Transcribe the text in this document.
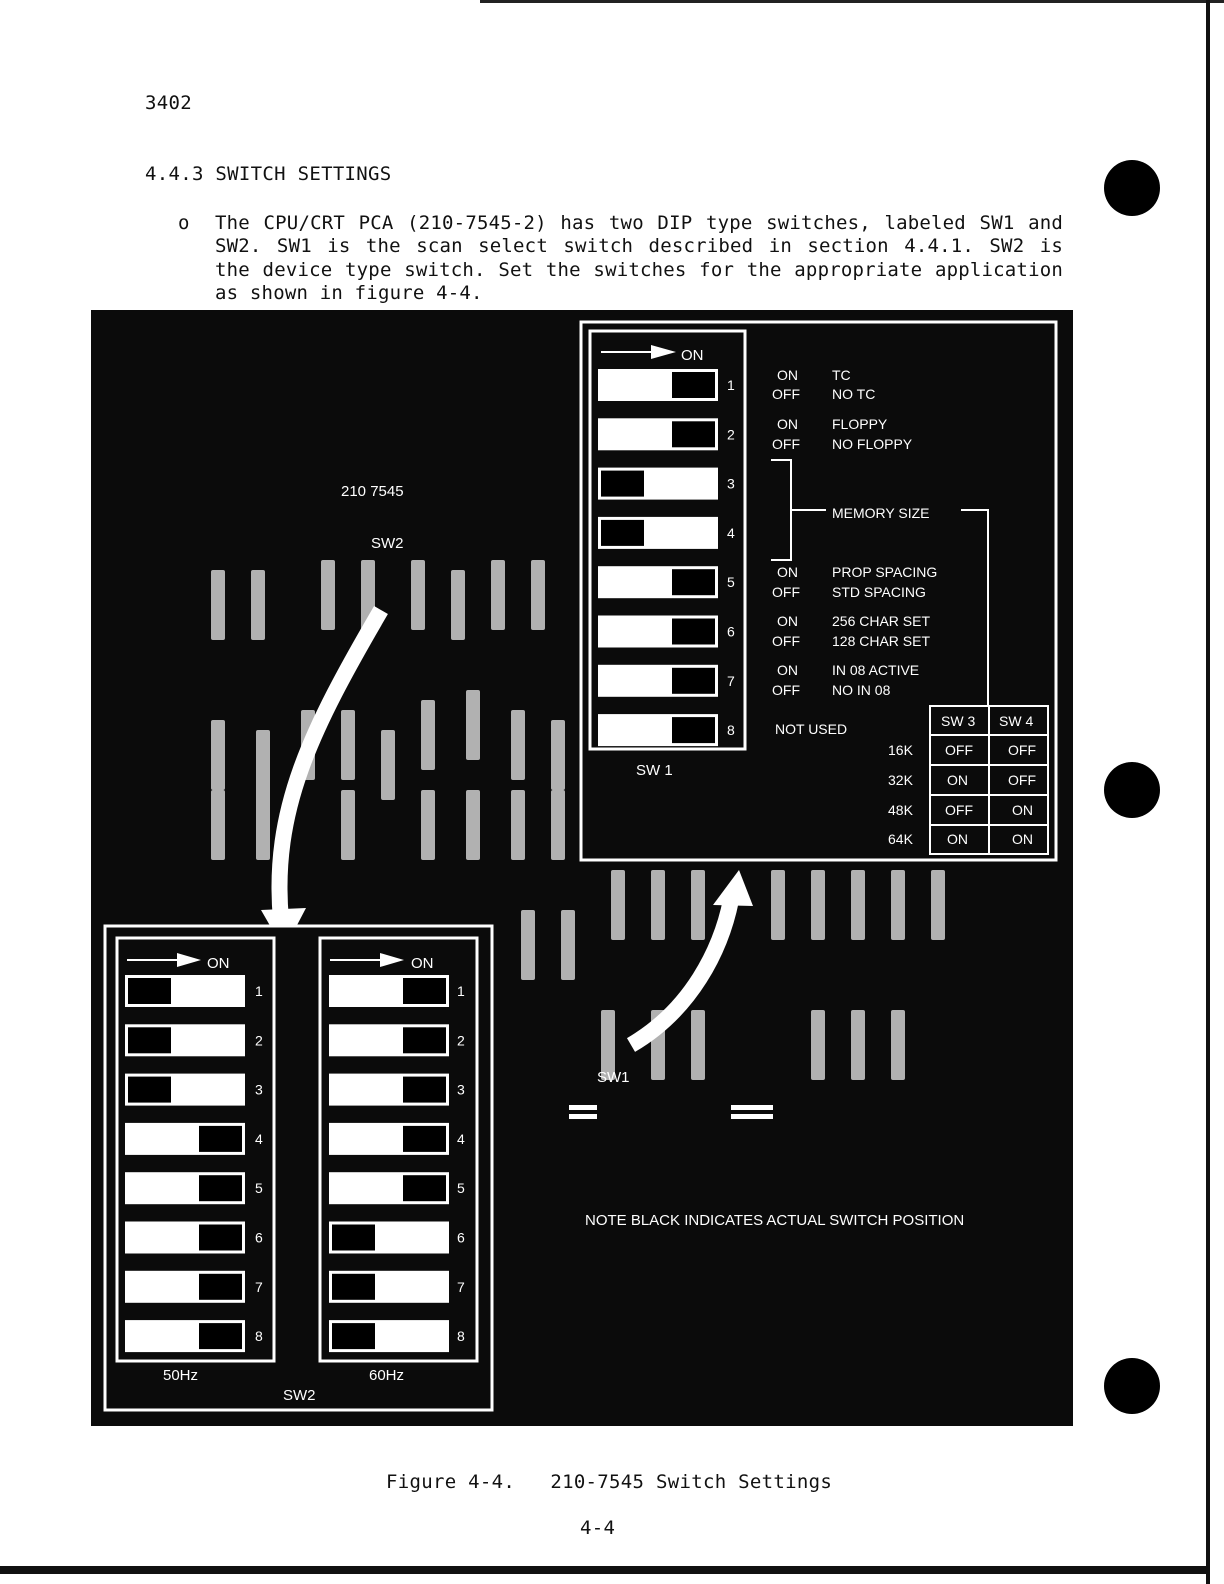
3402
4.4.3 SWITCH SETTINGS
o The CPU/CRT PCA (210-7545-2) has two DIP type switches, labeled SW1 and
SW2. SW1 is the scan select switch described in section 4.4.1. SW2 is
the device type switch. Set the switches for the appropriate application
as shown in figure 4-4.
210 7545
SW2
SW1
ON
1
2
3
4
5
6
7
8
SW 1
ON TC
OFF NO TC
ON FLOPPY
OFF NO FLOPPY
MEMORY SIZE
ON PROP SPACING
OFF STD SPACING
ON 256 CHAR SET
OFF 128 CHAR SET
ON IN 08 ACTIVE
OFF NO IN 08
NOT USED	SW 3 SW 4
16K OFF	OFF
32K ON	OFF
48K OFF	ON
64K ON	ON
ON	ON
1
2
3
4
5
6
7
8
1
2
3
4
5
6
7
8
50Hz	60Hz
SW2
NOTE BLACK INDICATES ACTUAL SWITCH POSITION
Figure 4-4.   210-7545 Switch Settings
4-4
